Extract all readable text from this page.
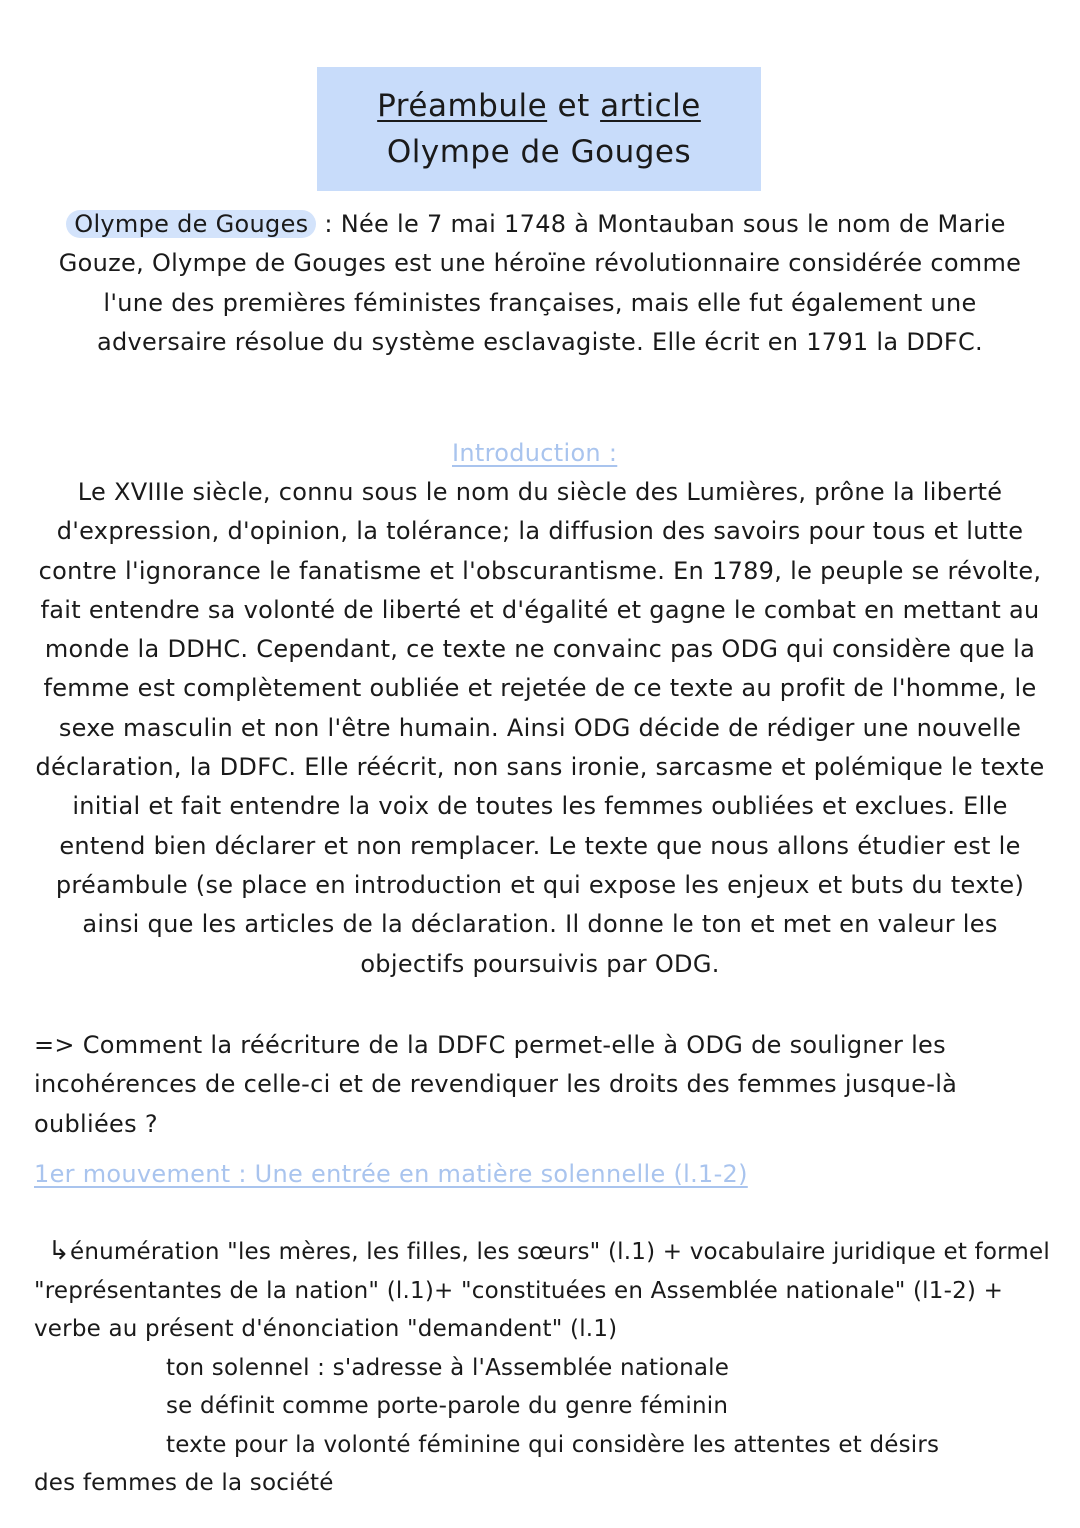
Préambule et article
Olympe de Gouges

Olympe de Gouges : Née le 7 mai 1748 à Montauban sous le nom de Marie Gouze, Olympe de Gouges est une héroïne révolutionnaire considérée comme l'une des premières féministes françaises, mais elle fut également une adversaire résolue du système esclavagiste. Elle écrit en 1791 la DDFC.

Introduction :

Le XVIIIe siècle, connu sous le nom du siècle des Lumières, prône la liberté d'expression, d'opinion, la tolérance; la diffusion des savoirs pour tous et lutte contre l'ignorance le fanatisme et l'obscurantisme. En 1789, le peuple se révolte, fait entendre sa volonté de liberté et d'égalité et gagne le combat en mettant au monde la DDHC. Cependant, ce texte ne convainc pas ODG qui considère que la femme est complètement oubliée et rejetée de ce texte au profit de l'homme, le sexe masculin et non l'être humain. Ainsi ODG décide de rédiger une nouvelle déclaration, la DDFC. Elle réécrit, non sans ironie, sarcasme et polémique le texte initial et fait entendre la voix de toutes les femmes oubliées et exclues. Elle entend bien déclarer et non remplacer. Le texte que nous allons étudier est le préambule (se place en introduction et qui expose les enjeux et buts du texte) ainsi que les articles de la déclaration. Il donne le ton et met en valeur les objectifs poursuivis par ODG.

=> Comment la réécriture de la DDFC permet-elle à ODG de souligner les incohérences de celle-ci et de revendiquer les droits des femmes jusque-là oubliées ?

1er mouvement : Une entrée en matière solennelle (l.1-2)

↳énumération "les mères, les filles, les sœurs" (l.1) + vocabulaire juridique et formel "représentantes de la nation" (l.1)+ "constituées en Assemblée nationale" (l1-2) + verbe au présent d'énonciation "demandent" (l.1)
ton solennel : s'adresse à l'Assemblée nationale
se définit comme porte-parole du genre féminin
texte pour la volonté féminine qui considère les attentes et désirs
des femmes de la société
